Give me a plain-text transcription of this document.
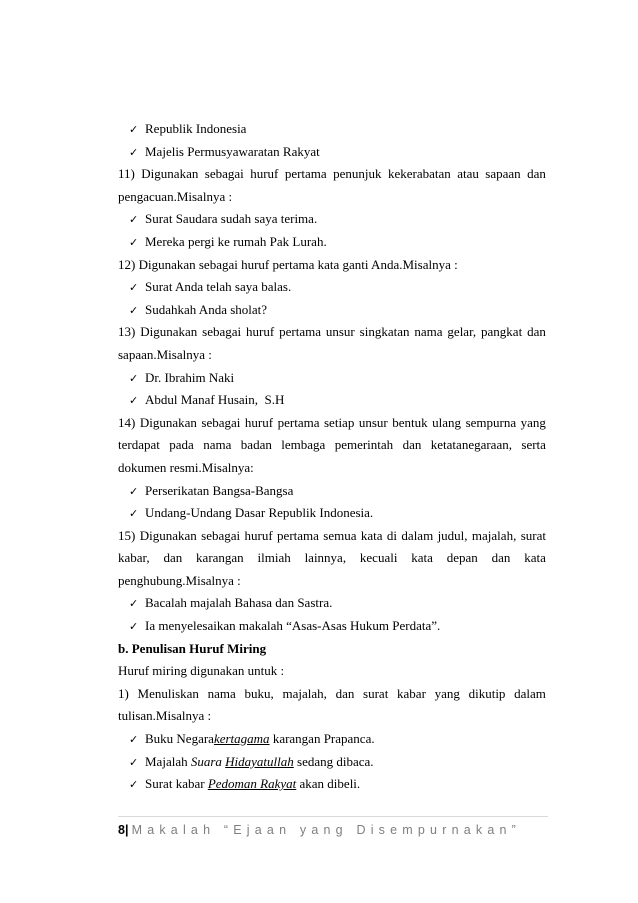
✓ Republik Indonesia
✓ Majelis Permusyawaratan Rakyat
11) Digunakan sebagai huruf pertama penunjuk kekerabatan atau sapaan dan
pengacuan.Misalnya :
✓ Surat Saudara sudah saya terima.
✓ Mereka pergi ke rumah Pak Lurah.
12) Digunakan sebagai huruf pertama kata ganti Anda.Misalnya :
✓ Surat Anda telah saya balas.
✓ Sudahkah Anda sholat?
13) Digunakan sebagai huruf pertama unsur singkatan nama gelar, pangkat dan
sapaan.Misalnya :
✓ Dr. Ibrahim Naki
✓ Abdul Manaf Husain,  S.H
14) Digunakan sebagai huruf pertama setiap unsur bentuk ulang sempurna yang
terdapat pada nama badan lembaga pemerintah dan ketatanegaraan, serta
dokumen resmi.Misalnya:
✓ Perserikatan Bangsa-Bangsa
✓ Undang-Undang Dasar Republik Indonesia.
15) Digunakan sebagai huruf pertama semua kata di dalam judul, majalah, surat
kabar, dan karangan ilmiah lainnya, kecuali kata depan dan kata
penghubung.Misalnya :
✓ Bacalah majalah Bahasa dan Sastra.
✓ Ia menyelesaikan makalah “Asas-Asas Hukum Perdata”.
b. Penulisan Huruf Miring
Huruf miring digunakan untuk :
1) Menuliskan nama buku, majalah, dan surat kabar yang dikutip dalam
tulisan.Misalnya :
✓ Buku Negarakertagama karangan Prapanca.
✓ Majalah Suara Hidayatullah sedang dibaca.
✓ Surat kabar Pedoman Rakyat akan dibeli.
8| Makalah “Ejaan yang Disempurnakan”
